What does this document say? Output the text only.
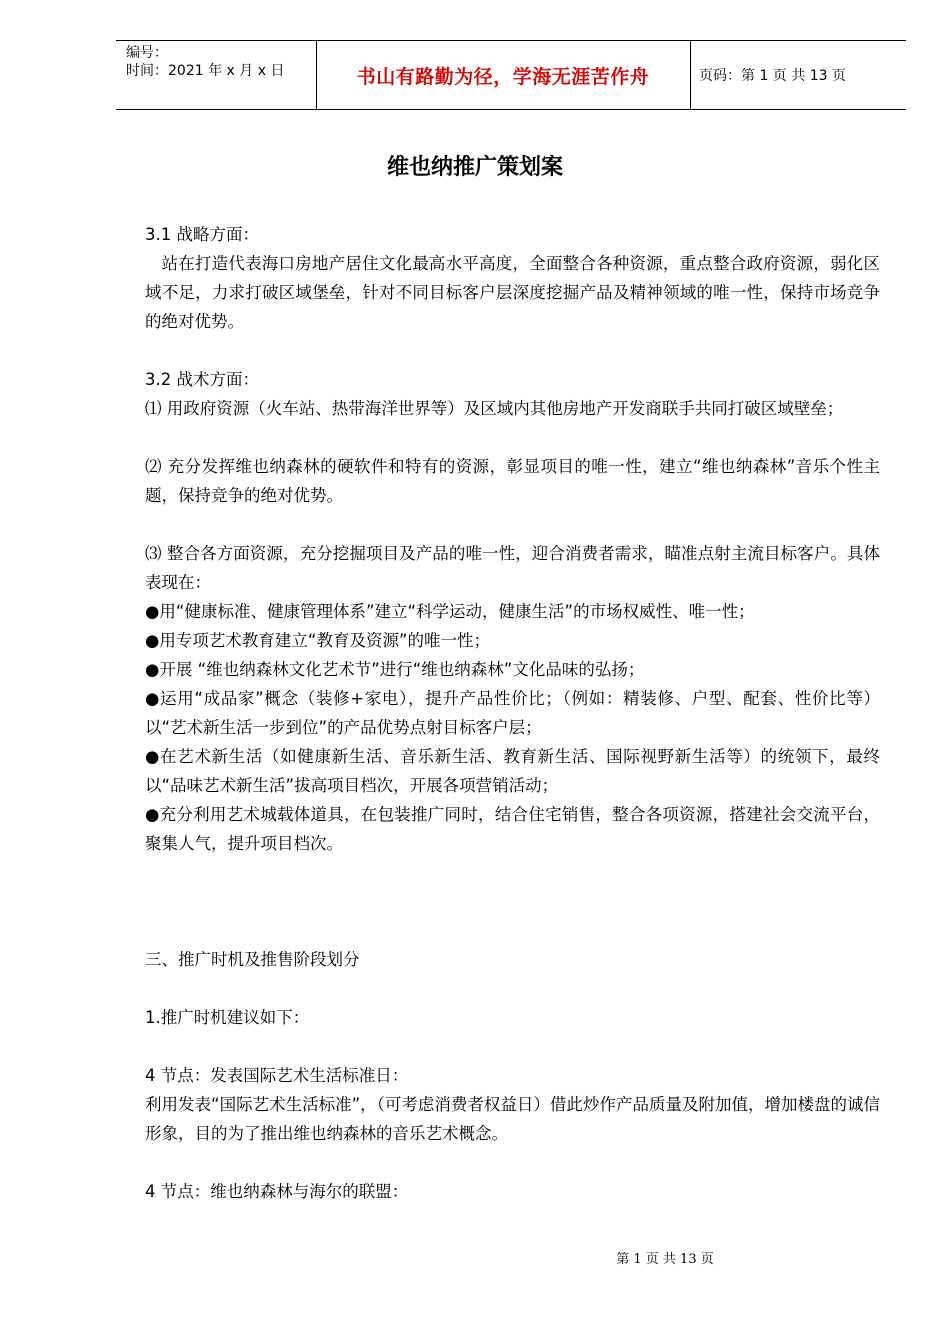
编号：
时间：2021 年 x 月 x 日	书山有路勤为径，学海无涯苦作舟	页码：第 1 页 共 13 页
维也纳推广策划案

3.1 战略方面：

站在打造代表海口房地产居住文化最高水平高度，全面整合各种资源，重点整合政府资源，弱化区域不足，力求打破区域堡垒，针对不同目标客户层深度挖掘产品及精神领域的唯一性，保持市场竞争的绝对优势。

3.2 战术方面：

⑴ 用政府资源（火车站、热带海洋世界等）及区域内其他房地产开发商联手共同打破区域壁垒；

⑵ 充分发挥维也纳森林的硬软件和特有的资源，彰显项目的唯一性，建立“维也纳森林”音乐个性主题，保持竞争的绝对优势。

⑶ 整合各方面资源，充分挖掘项目及产品的唯一性，迎合消费者需求，瞄准点射主流目标客户。具体表现在：

●用“健康标准、健康管理体系”建立“科学运动，健康生活”的市场权威性、唯一性；

●用专项艺术教育建立“教育及资源”的唯一性；

●开展 “维也纳森林文化艺术节”进行“维也纳森林”文化品味的弘扬；

●运用“成品家”概念（装修+家电），提升产品性价比；（例如：精装修、户型、配套、性价比等）以“艺术新生活一步到位”的产品优势点射目标客户层；

●在艺术新生活（如健康新生活、音乐新生活、教育新生活、国际视野新生活等）的统领下，最终以“品味艺术新生活”拔高项目档次，开展各项营销活动；

●充分利用艺术城载体道具，在包装推广同时，结合住宅销售，整合各项资源，搭建社会交流平台，聚集人气，提升项目档次。

三、推广时机及推售阶段划分

1.推广时机建议如下：

4 节点：发表国际艺术生活标准日：

利用发表“国际艺术生活标准”，（可考虑消费者权益日）借此炒作产品质量及附加值，增加楼盘的诚信形象，目的为了推出维也纳森林的音乐艺术概念。

4 节点：维也纳森林与海尔的联盟：

第 1 页 共 13 页
